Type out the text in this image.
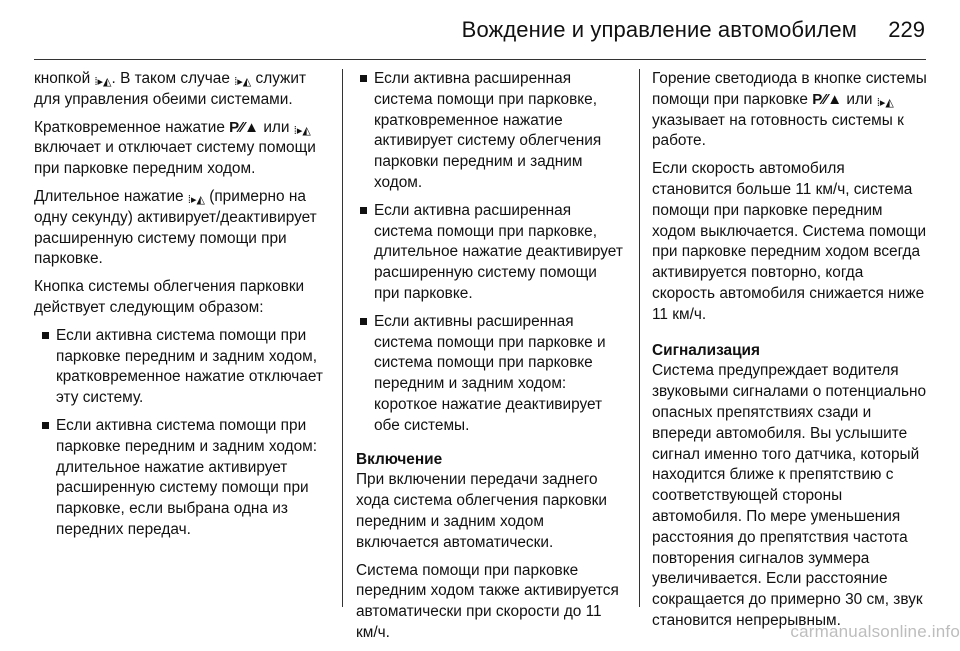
Вождение и управление автомобилем 229

кнопкой ⁞▸◭. В таком случае ⁞▸◭ служит для управления обеими системами.

Кратковременное нажатие P⁄⁄▲ или ⁞▸◭ включает и отключает систему помощи при парковке передним ходом.

Длительное нажатие ⁞▸◭ (примерно на одну секунду) активирует/деактивирует расширенную систему помощи при парковке.

Кнопка системы облегчения парковки действует следующим образом:

Если активна система помощи при парковке передним и задним ходом, кратковременное нажатие отключает эту систему.
Если активна система помощи при парковке передним и задним ходом: длительное нажатие активирует расширенную систему помощи при парковке, если выбрана одна из передних передач.
Если активна расширенная система помощи при парковке, кратковременное нажатие активирует систему облегчения парковки передним и задним ходом.
Если активна расширенная система помощи при парковке, длительное нажатие деактивирует расширенную систему помощи при парковке.
Если активны расширенная система помощи при парковке и система помощи при парковке передним и задним ходом: короткое нажатие деактивирует обе системы.
Включение

При включении передачи заднего хода система облегчения парковки передним и задним ходом включается автоматически.

Система помощи при парковке передним ходом также активируется автоматически при скорости до 11 км/ч.

Горение светодиода в кнопке системы помощи при парковке P⁄⁄▲ или ⁞▸◭ указывает на готовность системы к работе.

Если скорость автомобиля становится больше 11 км/ч, система помощи при парковке передним ходом выключается. Система помощи при парковке передним ходом всегда активируется повторно, когда скорость автомобиля снижается ниже 11 км/ч.

Сигнализация

Система предупреждает водителя звуковыми сигналами о потенциально опасных препятствиях сзади и впереди автомобиля. Вы услышите сигнал именно того датчика, который находится ближе к препятствию с соответствующей стороны автомобиля. По мере уменьшения расстояния до препятствия частота повторения сигналов зуммера увеличивается. Если расстояние сокращается до примерно 30 см, звук становится непрерывным.

carmanualsonline.info
